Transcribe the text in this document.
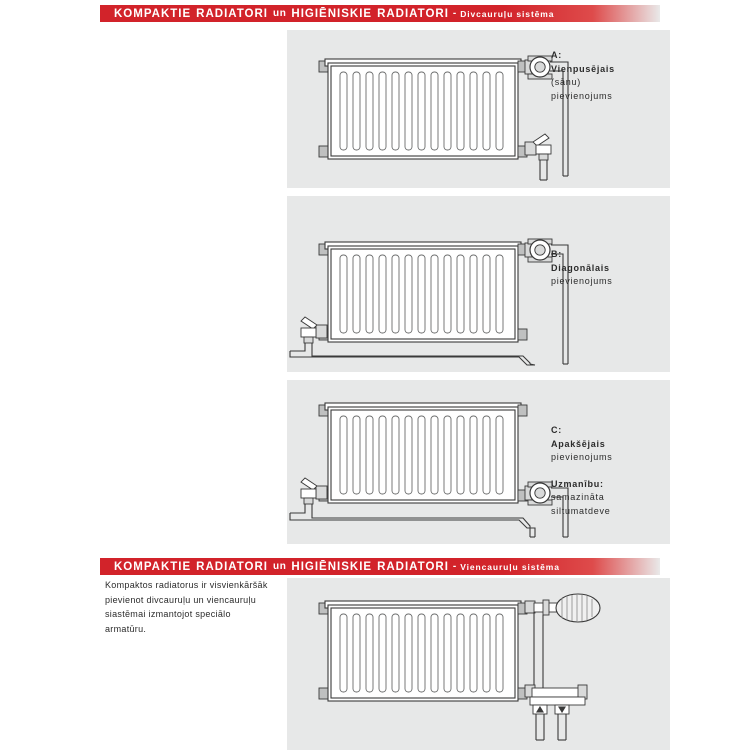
KOMPAKTIE RADIATORI un HIGIĒNISKIE RADIATORI - Divcauruļu sistēma
A:
Vienpusējais
(sānu)
pievienojums
B:
Diagonālais
pievienojums
C:
Apakšējais
pievienojums
Uzmanību:
samazināta
siltumatdeve
KOMPAKTIE RADIATORI un HIGIĒNISKIE RADIATORI - Viencauruļu sistēma
Kompaktos radiatorus ir visvienkāršāk
pievienot divcauruļu un viencauruļu
siastēmai izmantojot speciālo
armatūru.
